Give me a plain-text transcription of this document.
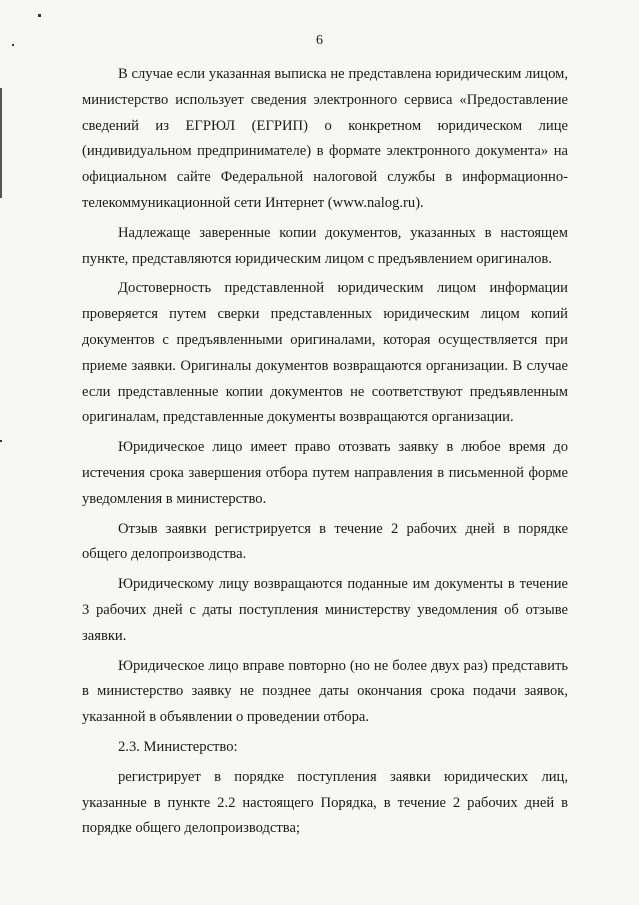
6

В случае если указанная выписка не представлена юридическим лицом, министерство использует сведения электронного сервиса «Предоставление сведений из ЕГРЮЛ (ЕГРИП) о конкретном юридическом лице (индивидуальном предпринимателе) в формате электронного документа» на официальном сайте Федеральной налоговой службы в информационно-телекоммуникационной сети Интернет (www.nalog.ru).

Надлежаще заверенные копии документов, указанных в настоящем пункте, представляются юридическим лицом с предъявлением оригиналов.

Достоверность представленной юридическим лицом информации проверяется путем сверки представленных юридическим лицом копий документов с предъявленными оригиналами, которая осуществляется при приеме заявки. Оригиналы документов возвращаются организации. В случае если представленные копии документов не соответствуют предъявленным оригиналам, представленные документы возвращаются организации.

Юридическое лицо имеет право отозвать заявку в любое время до истечения срока завершения отбора путем направления в письменной форме уведомления в министерство.

Отзыв заявки регистрируется в течение 2 рабочих дней в порядке общего делопроизводства.

Юридическому лицу возвращаются поданные им документы в течение 3 рабочих дней с даты поступления министерству уведомления об отзыве заявки.

Юридическое лицо вправе повторно (но не более двух раз) представить в министерство заявку не позднее даты окончания срока подачи заявок, указанной в объявлении о проведении отбора.

2.3. Министерство:

регистрирует в порядке поступления заявки юридических лиц, указанные в пункте 2.2 настоящего Порядка, в течение 2 рабочих дней в порядке общего делопроизводства;
